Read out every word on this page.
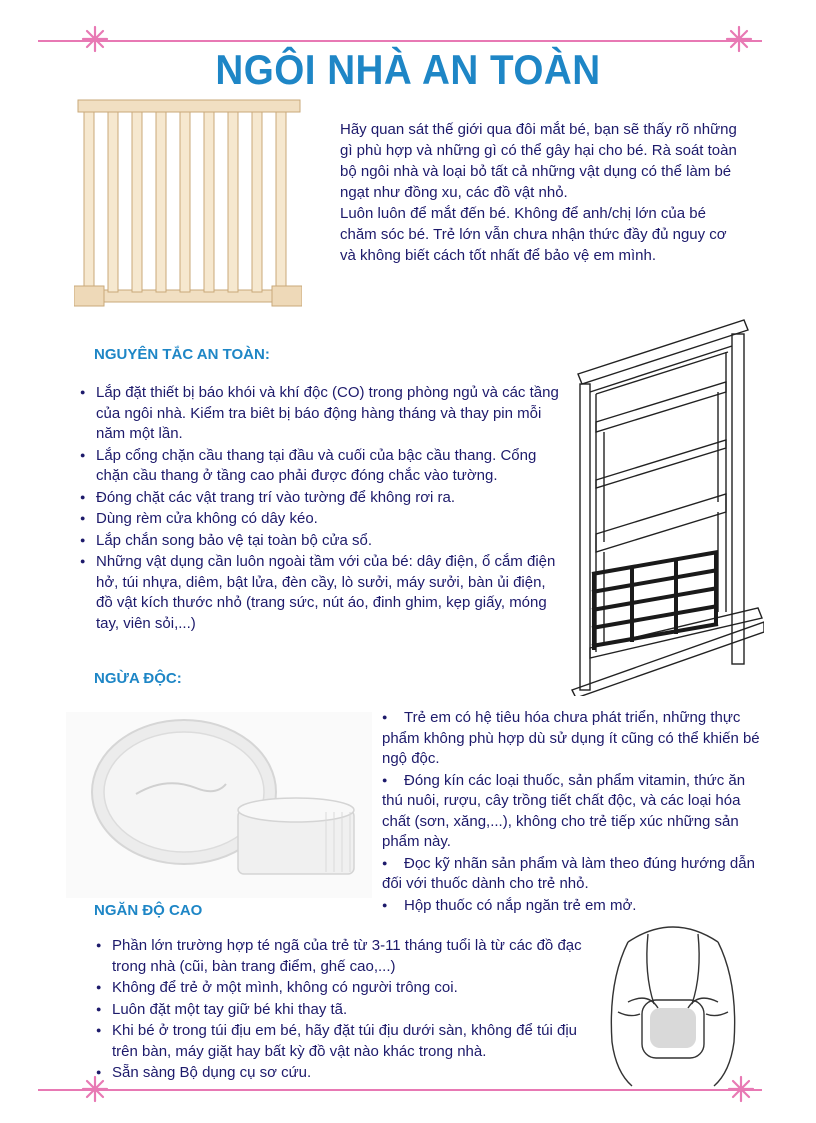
NGÔI NHÀ AN TOÀN

Hãy quan sát thế giới qua đôi mắt bé, bạn sẽ thấy rõ những gì phù hợp và những gì có thể gây hại cho bé. Rà soát toàn bộ ngôi nhà và loại bỏ tất cả những vật dụng có thể làm bé ngạt như đồng xu, các đồ vật nhỏ.

Luôn luôn để mắt đến bé. Không để anh/chị lớn của bé chăm sóc bé. Trẻ lớn vẫn chưa nhận thức đầy đủ nguy cơ và không biết cách tốt nhất để bảo vệ em mình.

NGUYÊN TẮC AN TOÀN:
● Lắp đặt thiết bị báo khói và khí độc (CO) trong phòng ngủ và các tầng của ngôi nhà. Kiểm tra biêt bị báo động hàng tháng và thay pin mỗi năm một lần.
● Lắp cổng chặn cầu thang tại đầu và cuối của bậc cầu thang. Cổng chặn cầu thang ở tầng cao phải được đóng chắc vào tường.
● Đóng chặt các vật trang trí vào tường để không rơi ra.
● Dùng rèm cửa không có dây kéo.
● Lắp chắn song bảo vệ tại toàn bộ cửa sổ.
● Những vật dụng cần luôn ngoài tầm với của bé: dây điện, ổ cắm điện hở, túi nhựa, diêm, bật lửa, đèn cầy, lò sưởi, máy sưởi, bàn ủi điện, đồ vật kích thước nhỏ (trang sức, nút áo, đinh ghim, kẹp giấy, móng tay, viên sỏi,...)
NGỪA ĐỘC:
● Trẻ em có hệ tiêu hóa chưa phát triển, những thực phẩm không phù hợp dù sử dụng ít cũng có thể khiến bé ngộ độc.
● Đóng kín các loại thuốc, sản phẩm vitamin, thức ăn thú nuôi, rượu, cây trồng tiết chất độc, và các loại hóa chất (sơn, xăng,...), không cho trẻ tiếp xúc những sản phẩm này.
● Đọc kỹ nhãn sản phẩm và làm theo đúng hướng dẫn đối với thuốc dành cho trẻ nhỏ.
● Hộp thuốc có nắp ngăn trẻ em mở.
NGĂN ĐỘ CAO
● Phần lớn trường hợp té ngã của trẻ từ 3-11 tháng tuổi là từ các đồ đạc trong nhà (cũi, bàn trang điểm, ghế cao,...)
● Không để trẻ ở một mình, không có người trông coi.
● Luôn đặt một tay giữ bé khi thay tã.
● Khi bé ở trong túi địu em bé, hãy đặt túi địu dưới sàn, không để túi địu trên bàn, máy giặt hay bất kỳ đồ vật nào khác trong nhà.
● Sẵn sàng Bộ dụng cụ sơ cứu.
